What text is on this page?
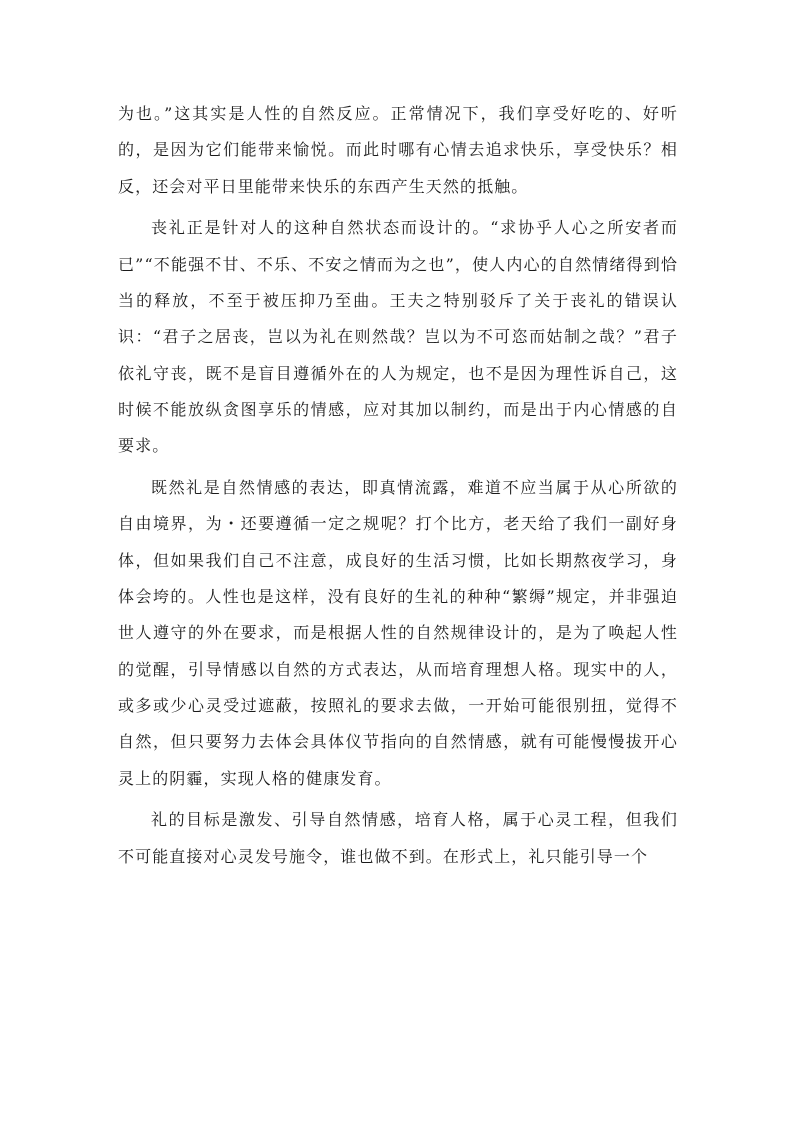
为也。”这其实是人性的自然反应。正常情况下，我们享受好吃的、好听的，是因为它们能带来愉悦。而此时哪有心情去追求快乐，享受快乐？相反，还会对平日里能带来快乐的东西产生天然的抵触。

丧礼正是针对人的这种自然状态而设计的。“求协乎人心之所安者而已”“不能强不甘、不乐、不安之情而为之也”，使人内心的自然情绪得到恰当的释放，不至于被压抑乃至曲。王夫之特别驳斥了关于丧礼的错误认识：“君子之居丧，岂以为礼在则然哉？岂以为不可恣而姑制之哉？”君子依礼守丧，既不是盲目遵循外在的人为规定，也不是因为理性诉自己，这时候不能放纵贪图享乐的情感，应对其加以制约，而是出于内心情感的自要求。

既然礼是自然情感的表达，即真情流露，难道不应当属于从心所欲的自由境界，为・还要遵循一定之规呢？打个比方，老天给了我们一副好身体，但如果我们自己不注意，成良好的生活习惯，比如长期熬夜学习，身体会垮的。人性也是这样，没有良好的生礼的种种“繁缛”规定，并非强迫世人遵守的外在要求，而是根据人性的自然规律设计的，是为了唤起人性的觉醒，引导情感以自然的方式表达，从而培育理想人格。现实中的人，或多或少心灵受过遮蔽，按照礼的要求去做，一开始可能很别扭，觉得不自然，但只要努力去体会具体仪节指向的自然情感，就有可能慢慢拔开心灵上的阴霾，实现人格的健康发育。

礼的目标是激发、引导自然情感，培育人格，属于心灵工程，但我们不可能直接对心灵发号施令，谁也做不到。在形式上，礼只能引导一个
